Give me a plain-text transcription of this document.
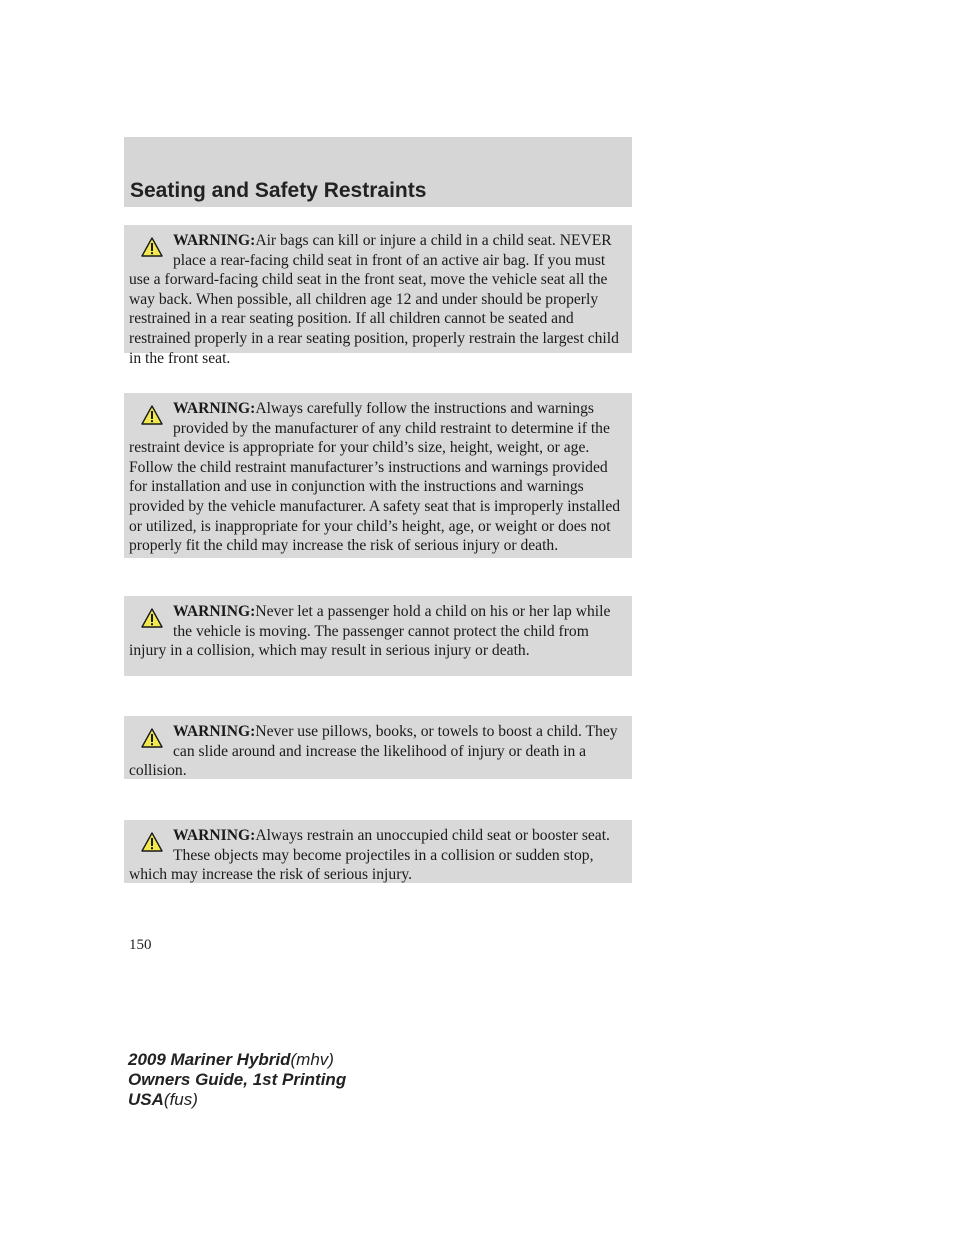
Seating and Safety Restraints
WARNING:Air bags can kill or injure a child in a child seat. NEVER place a rear-facing child seat in front of an active air bag. If you must use a forward-facing child seat in the front seat, move the vehicle seat all the way back. When possible, all children age 12 and under should be properly restrained in a rear seating position. If all children cannot be seated and restrained properly in a rear seating position, properly restrain the largest child in the front seat.
WARNING:Always carefully follow the instructions and warnings provided by the manufacturer of any child restraint to determine if the restraint device is appropriate for your child’s size, height, weight, or age. Follow the child restraint manufacturer’s instructions and warnings provided for installation and use in conjunction with the instructions and warnings provided by the vehicle manufacturer. A safety seat that is improperly installed or utilized, is inappropriate for your child’s height, age, or weight or does not properly fit the child may increase the risk of serious injury or death.
WARNING:Never let a passenger hold a child on his or her lap while the vehicle is moving. The passenger cannot protect the child from injury in a collision, which may result in serious injury or death.
WARNING:Never use pillows, books, or towels to boost a child. They can slide around and increase the likelihood of injury or death in a collision.
WARNING:Always restrain an unoccupied child seat or booster seat. These objects may become projectiles in a collision or sudden stop, which may increase the risk of serious injury.
150
2009 Mariner Hybrid(mhv)
Owners Guide, 1st Printing
USA(fus)
